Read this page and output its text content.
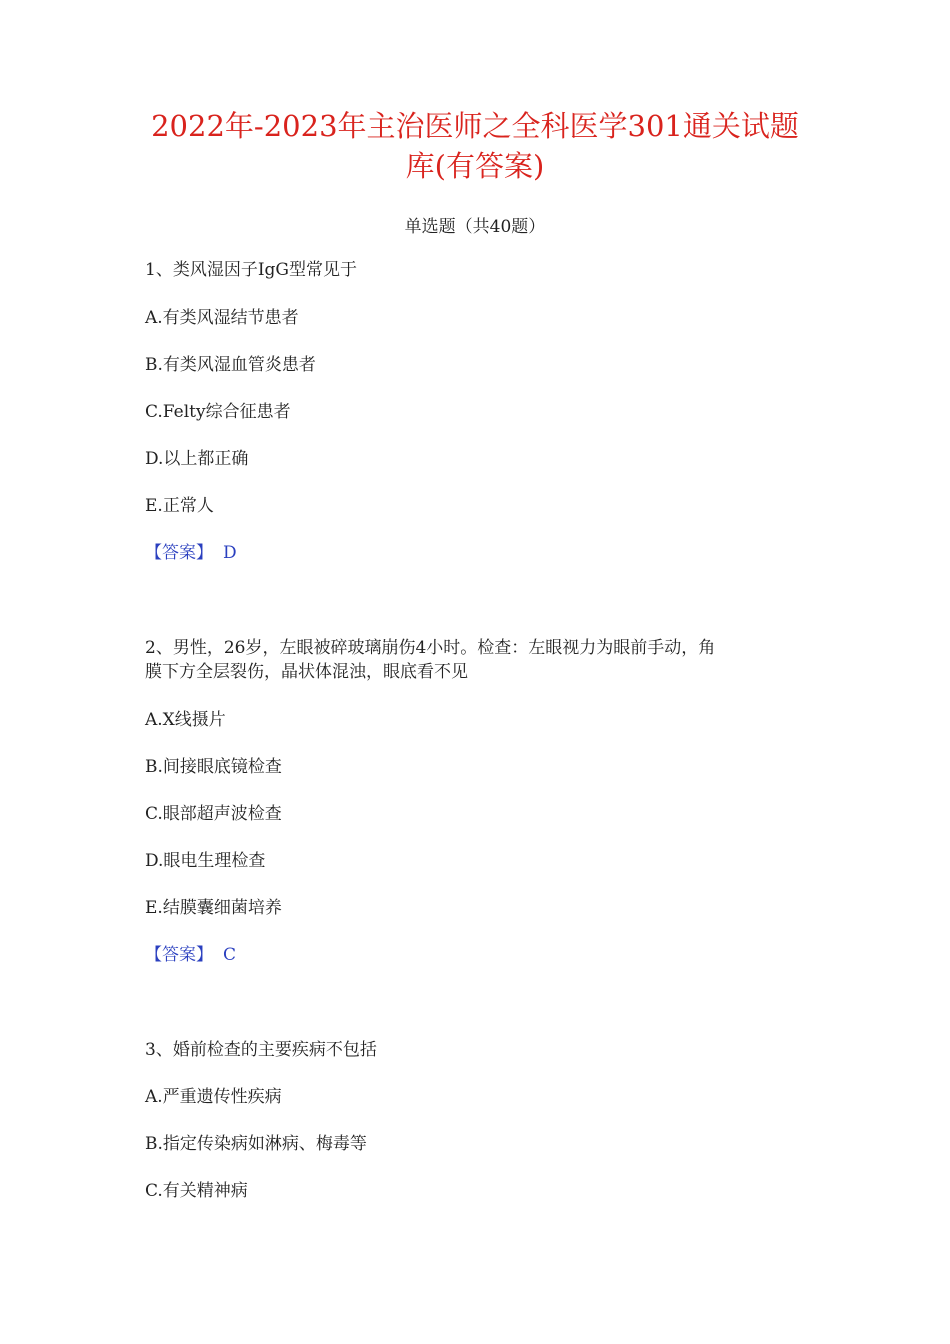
2022年-2023年主治医师之全科医学301通关试题
库(有答案)
单选题（共40题）
1、类风湿因子IgG型常见于
A.有类风湿结节患者
B.有类风湿血管炎患者
C.Felty综合征患者
D.以上都正确
E.正常人
【答案】 D
2、男性，26岁，左眼被碎玻璃崩伤4小时。检查：左眼视力为眼前手动，角
膜下方全层裂伤，晶状体混浊，眼底看不见
A.X线摄片
B.间接眼底镜检查
C.眼部超声波检查
D.眼电生理检查
E.结膜囊细菌培养
【答案】 C
3、婚前检查的主要疾病不包括
A.严重遗传性疾病
B.指定传染病如淋病、梅毒等
C.有关精神病
